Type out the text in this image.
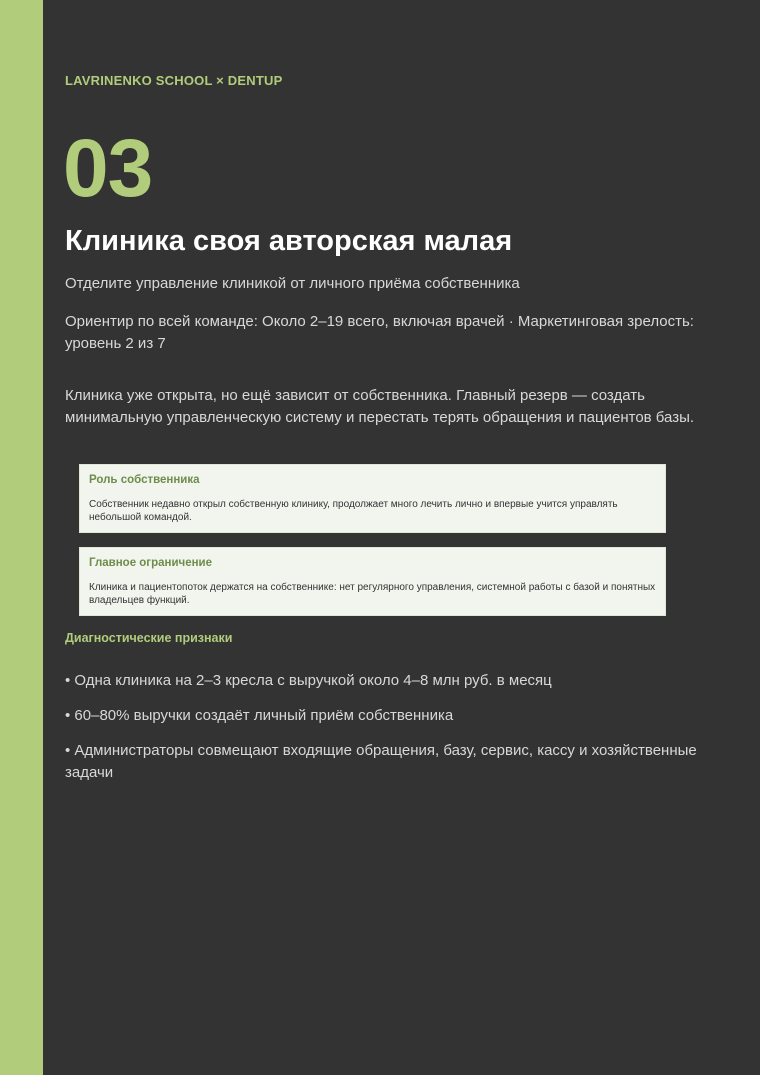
LAVRINENKO SCHOOL × DENTUP
03
Клиника своя авторская малая
Отделите управление клиникой от личного приёма собственника
Ориентир по всей команде: Около 2–19 всего, включая врачей · Маркетинговая зрелость: уровень 2 из 7
Клиника уже открыта, но ещё зависит от собственника. Главный резерв — создать минимальную управленческую систему и перестать терять обращения и пациентов базы.
Роль собственника
Собственник недавно открыл собственную клинику, продолжает много лечить лично и впервые учится управлять небольшой командой.
Главное ограничение
Клиника и пациентопоток держатся на собственнике: нет регулярного управления, системной работы с базой и понятных владельцев функций.
Диагностические признаки
• Одна клиника на 2–3 кресла с выручкой около 4–8 млн руб. в месяц
• 60–80% выручки создаёт личный приём собственника
• Администраторы совмещают входящие обращения, базу, сервис, кассу и хозяйственные задачи
